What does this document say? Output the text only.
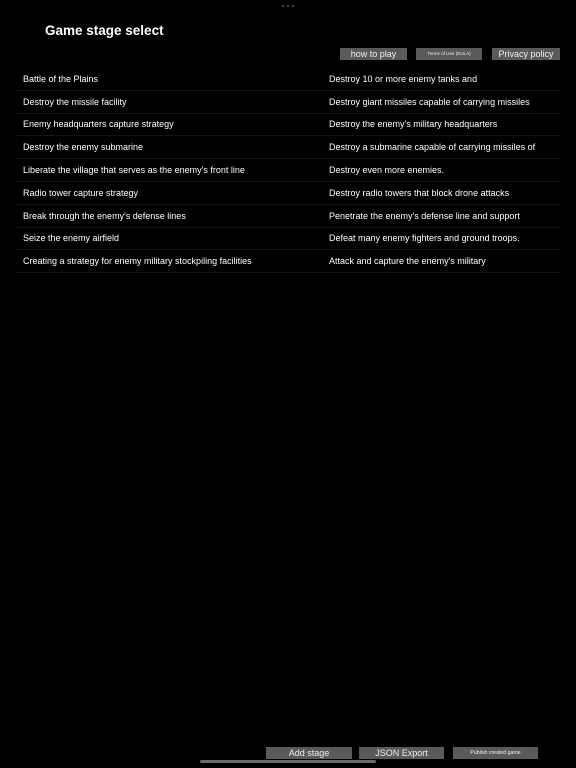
Game stage select
how to play	Terms of Use (EULA)	Privacy policy
Battle of the Plains	Destroy 10 or more enemy tanks and
Destroy the missile facility	Destroy giant missiles capable of carrying missiles
Enemy headquarters capture strategy	Destroy the enemy's military headquarters
Destroy the enemy submarine	Destroy a submarine capable of carrying missiles of
Liberate the village that serves as the enemy's front line	Destroy even more enemies.
Radio tower capture strategy	Destroy radio towers that block drone attacks
Break through the enemy's defense lines	Penetrate the enemy's defense line and support
Seize the enemy airfield	Defeat many enemy fighters and ground troops.
Creating a strategy for enemy military stockpiling facilities	Attack and capture the enemy's military
Add stage	JSON Export	Publish created game
